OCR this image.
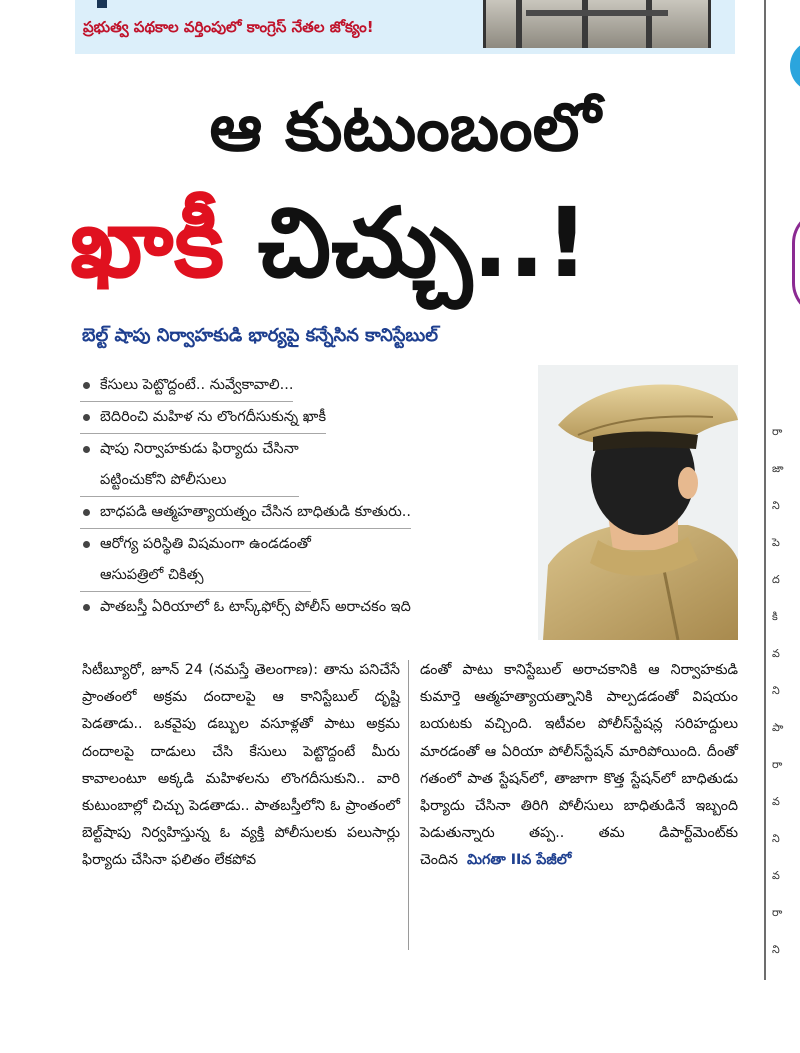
ప్రభుత్వ పథకాల వర్తింపులో కాంగ్రెస్ నేతల జోక్యం!
రా
జా
ని
పె
ద
కి
వ
ని
పా
రా
వ
ని
వ
రా
ని
ఆ కుటుంబంలో
ఖాకీ చిచ్చు..!
బెల్ట్ షాపు నిర్వాహకుడి భార్యపై కన్నేసిన కానిస్టేబుల్
కేసులు పెట్టొద్దంటే.. నువ్వేకావాలి...
బెదిరించి మహిళ ను లొంగదీసుకున్న ఖాకీ
షాపు నిర్వాహకుడు ఫిర్యాదు చేసినా
పట్టించుకోని పోలీసులు
బాధపడి ఆత్మహత్యాయత్నం చేసిన బాధితుడి కూతురు..
ఆరోగ్య పరిస్థితి విషమంగా ఉండడంతో
ఆసుపత్రిలో చికిత్స
పాతబస్తీ ఏరియాలో ఓ టాస్క్‌ఫోర్స్ పోలీస్ అరాచకం ఇది

సిటీబ్యూరో, జూన్ 24 (నమస్తే తెలంగాణ): తాను పనిచేసే ప్రాంతంలో అక్రమ దందాలపై ఆ కానిస్టేబుల్ దృష్టి పెడతాడు.. ఒకవైపు డబ్బుల వసూళ్లతో పాటు అక్రమ దందాలపై దాడులు చేసి కేసులు పెట్టొద్దంటే మీరు కావాలంటూ అక్కడి మహిళలను లొంగదీసుకుని.. వారి కుటుంబాల్లో చిచ్చు పెడతాడు.. పాతబస్తీలోని ఓ ప్రాంతంలో బెల్ట్‌షాపు నిర్వహిస్తున్న ఓ వ్యక్తి పోలీసులకు పలుసార్లు ఫిర్యాదు చేసినా ఫలితం లేకపోవ

డంతో పాటు కానిస్టేబుల్ అరాచకానికి ఆ నిర్వాహకుడి కుమార్తె ఆత్మహత్యాయత్నానికి పాల్పడడంతో విషయం బయటకు వచ్చింది. ఇటీవల పోలీస్‌స్టేషన్ల సరిహద్దులు మారడంతో ఆ ఏరియా పోలీస్‌స్టేషన్ మారిపోయింది. దీంతో గతంలో పాత స్టేషన్‌లో, తాజాగా కొత్త స్టేషన్‌లో బాధితుడు ఫిర్యాదు చేసినా తిరిగి పోలీసులు బాధితుడినే ఇబ్బంది పెడుతున్నారు తప్ప.. తమ డిపార్ట్‌మెంట్‌కు చెందిన మిగతా IIవ పేజీలో
